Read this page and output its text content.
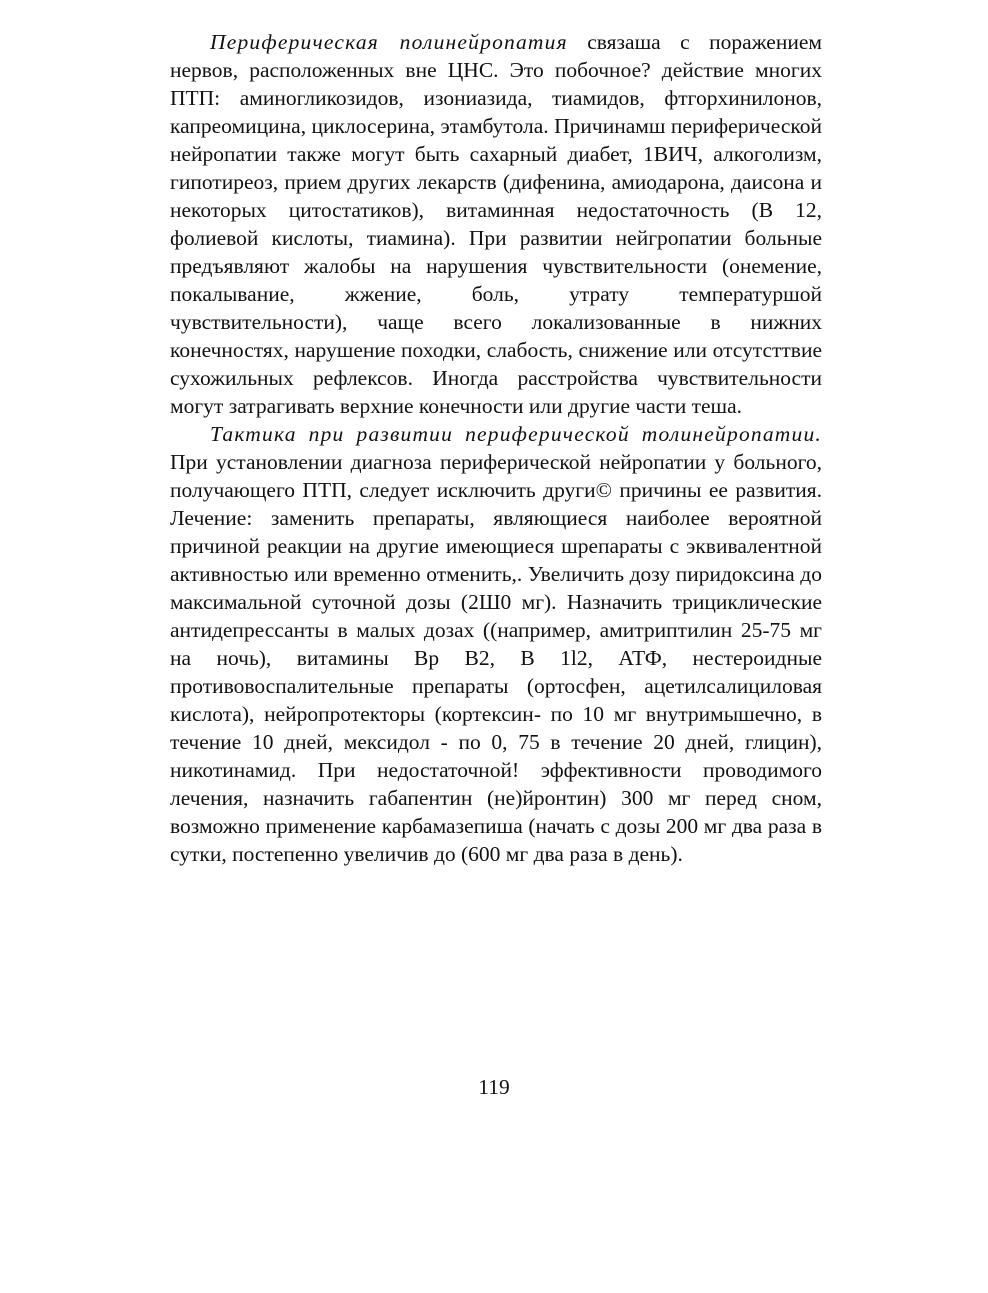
Периферическая полинейропатия связаша с поражением нервов, расположенных вне ЦНС. Это побочное? действие многих ПТП: аминогликозидов, изониазида, тиамидов, фтгорхинилонов, капреомицина, циклосерина, этамбутола. Причинамш периферической нейропатии также могут быть сахарный диабет, 1ВИЧ, алкоголизм, гипотиреоз, прием других лекарств (дифенина, амиодарона, даисона и некоторых цитостатиков), витаминная недостаточность (В 12, фолиевой кислоты, тиамина). При развитии нейгропатии больные предъявляют жалобы на нарушения чувствительности (онемение, покалывание, жжение, боль, утрату температуршой чувствительности), чаще всего локализованные в нижних конечностях, нарушение походки, слабость, снижение или отсутсттвие сухожильных рефлексов. Иногда расстройства чувствительности могут затрагивать верхние конечности или другие части теша.

Тактика при развитии периферической толинейропатии. При установлении диагноза периферической нейропатии у больного, получающего ПТП, следует исключить други© причины ее развития. Лечение: заменить препараты, являющиеся наиболее вероятной причиной реакции на другие имеющиеся шрепараты с эквивалентной активностью или временно отменить,. Увеличить дозу пиридоксина до максимальной суточной дозы (2Ш0 мг). Назначить трициклические антидепрессанты в малых дозах ((например, амитриптилин 25-75 мг на ночь), витамины Вр В2, В 1l2, АТФ, нестероидные противовоспалительные препараты (ортосфен, ацетилсалициловая кислота), нейропротекторы (кортексин- по 10 мг внутримышечно, в течение 10 дней, мексидол - по 0, 75 в течение 20 дней, глицин), никотинамид. При недостаточной! эффективности проводимого лечения, назначить габапентин (не)йронтин) 300 мг перед сном, возможно применение карбамазепиша (начать с дозы 200 мг два раза в сутки, постепенно увеличив до (600 мг два раза в день).

119
